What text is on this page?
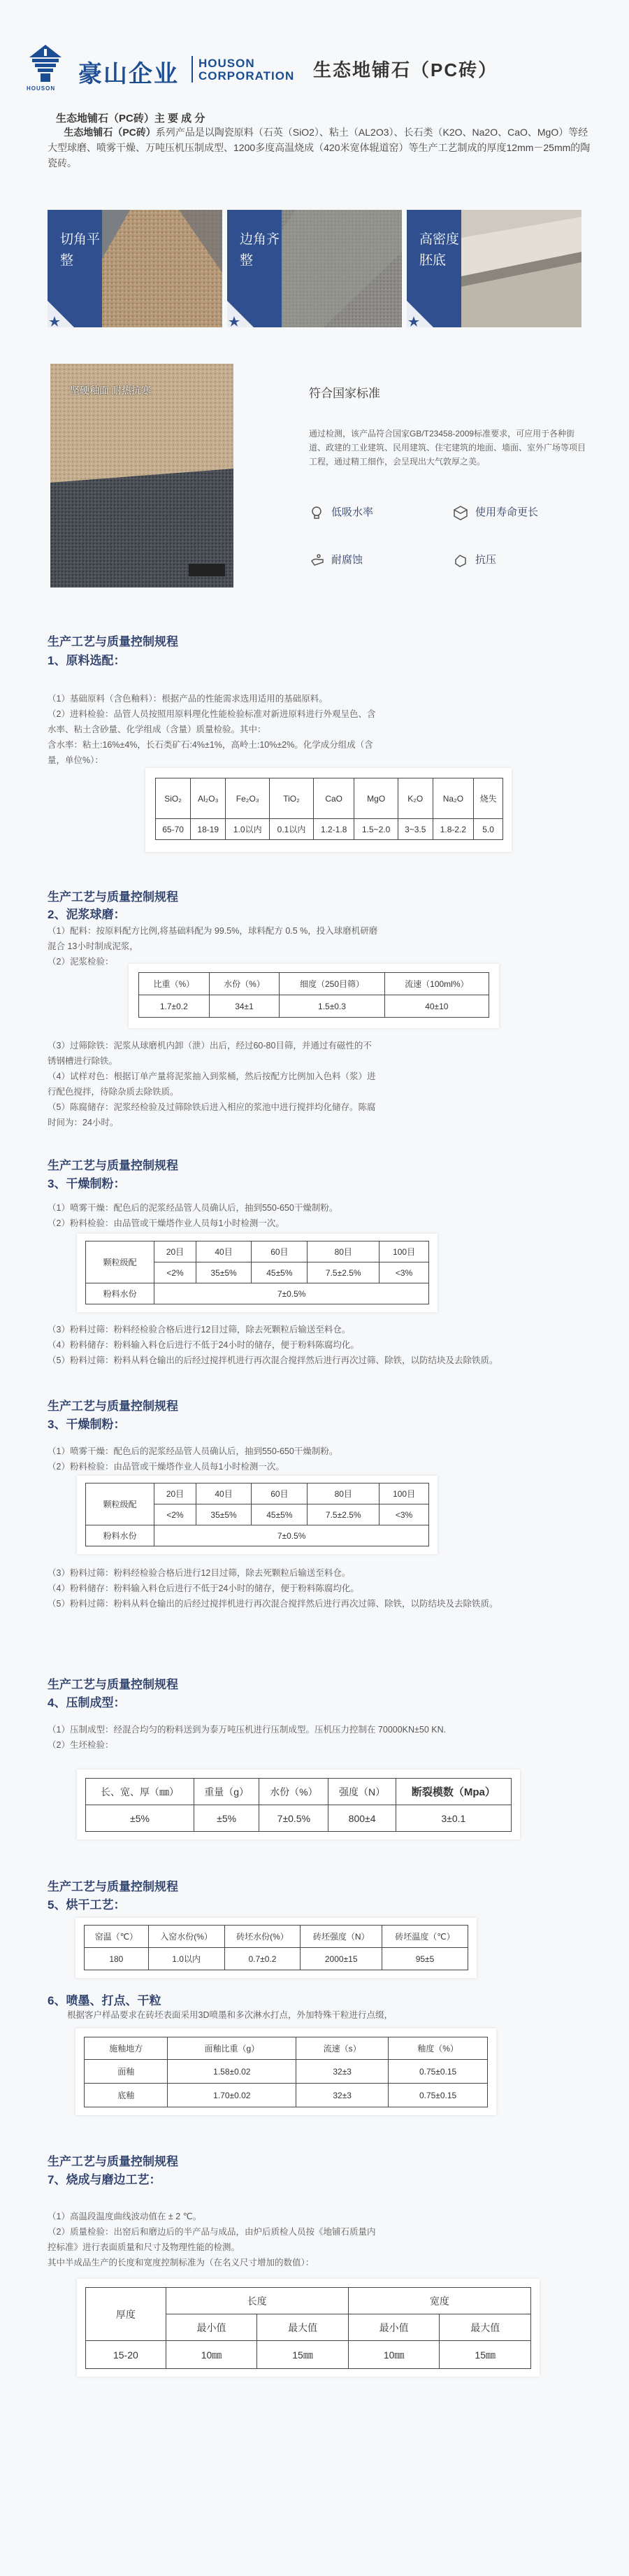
HOUSON
豪山企业 HOUSON
CORPORATION 生态地铺石（PC砖）
生态地铺石（PC砖）主 要 成 分
生态地铺石（PC砖）系列产品是以陶瓷原料（石英（SiO2）、粘土（AL2O3）、长石类（K2O、Na2O、CaO、MgO）等经大型球磨、喷雾干燥、万吨压机压制成型、1200多度高温烧成（420米宽体辊道窑）等生产工艺制成的厚度12mm－25mm的陶瓷砖。
切角平整
边角齐整
高密度胚底
坚硬釉面 耐热抗寒	符合国家标准
通过检测，该产品符合国家GB/T23458-2009标准要求，可应用于各种街道、政建的工业建筑、民用建筑、住宅建筑的地面、墙面、室外广场等项目工程，通过精工细作，会呈现出大气敦厚之美。
低吸水率	使用寿命更长
耐腐蚀	抗压
生产工艺与质量控制规程
1、原料选配：

（1）基础原料（含色釉料）：根据产品的性能需求选用适用的基础原料。

（2）进料检验：品管人员按照用原料理化性能检验标准对新进原料进行外观呈色、含

水率、粘土含砂量、化学组成（含量）质量检验。其中：

含水率：粘土:16%±4%，长石类矿石:4%±1%，高岭土:10%±2%。化学成分组成（含

量，单位%）：

SiO₂	Al₂O₃	Fe₂O₃	TiO₂	CaO	MgO	K₂O	Na₂O	烧失
65-70	18-19	1.0以内	0.1以内	1.2-1.8	1.5~2.0	3~3.5	1.8-2.2	5.0
生产工艺与质量控制规程
2、泥浆球磨：

（1）配料：按原料配方比例,将基础料配为 99.5%，球料配方 0.5 %，投入球磨机研磨

混合 13小时制成泥浆，

（2）泥浆检验：

比重（%）	水份（%）	细度（250目筛）	流速（100ml%）
1.7±0.2	34±1	1.5±0.3	40±10

（3）过筛除铁：泥浆从球磨机内卸（泄）出后，经过60-80目筛，并通过有磁性的不

锈钢槽进行除铁。

（4）试样对色：根据订单产量将泥浆抽入到浆桶，然后按配方比例加入色料（浆）进

行配色搅拌，待除杂质去除铁质。

（5）陈腐储存：泥浆经检验及过筛除铁后进入相应的浆池中进行搅拌均化储存。陈腐

时间为：24小时。

生产工艺与质量控制规程
3、干燥制粉：

（1）喷雾干燥：配色后的泥浆经品管人员确认后，抽到550-650干燥制粉。

（2）粉料检验：由品管或干燥塔作业人员每1小时检测一次。

颗粒级配	20目	40目	60目	80目	100目
	<2%	35±5%	45±5%	7.5±2.5%	<3%
粉料水份	7±0.5%				

（3）粉料过筛：粉料经检验合格后进行12目过筛，除去死颗粒后输送至料仓。

（4）粉料储存：粉料输入料仓后进行不低于24小时的储存，便于粉料陈腐均化。

（5）粉料过筛：粉料从料仓输出的后经过搅拌机进行再次混合搅拌然后进行再次过筛、除铁，以防结块及去除铁质。

生产工艺与质量控制规程
3、干燥制粉：

（1）喷雾干燥：配色后的泥浆经品管人员确认后，抽到550-650干燥制粉。

（2）粉料检验：由品管或干燥塔作业人员每1小时检测一次。

颗粒级配	20目	40目	60目	80目	100目
	<2%	35±5%	45±5%	7.5±2.5%	<3%
粉料水份	7±0.5%				

（3）粉料过筛：粉料经检验合格后进行12目过筛，除去死颗粒后输送至料仓。

（4）粉料储存：粉料输入料仓后进行不低于24小时的储存，便于粉料陈腐均化。

（5）粉料过筛：粉料从料仓输出的后经过搅拌机进行再次混合搅拌然后进行再次过筛、除铁，以防结块及去除铁质。

生产工艺与质量控制规程
4、压制成型：

（1）压制成型：经混合均匀的粉料送到为泰万吨压机进行压制成型。压机压力控制在 70000KN±50 KN.

（2）生坯检验：

长、宽、厚（㎜）	重量（g）	水份（%）	强度（N）	断裂模数（Mpa）
±5%	±5%	7±0.5%	800±4	3±0.1
生产工艺与质量控制规程
5、烘干工艺：
窑温（℃）	入窑水份(%）	砖坯水份(%）	砖坯强度（N）	砖坯温度（℃）
180	1.0以内	0.7±0.2	2000±15	95±5
6、喷墨、打点、干粒
根据客户样品要求在砖坯表面采用3D喷墨和多次淋水打点，外加特殊干粒进行点缀，
施釉地方	面釉比重（g）	流速（s）	釉度（%）
面釉	1.58±0.02	32±3	0.75±0.15
底釉	1.70±0.02	32±3	0.75±0.15
生产工艺与质量控制规程
7、烧成与磨边工艺：

（1）高温段温度曲线波动值在 ± 2 ℃。

（2）质量检验：出窑后和磨边后的半产品与成品，由炉后质检人员按《地铺石质量内

控标准》进行表面质量和尺寸及物理性能的检测。

其中半成品生产的长度和宽度控制标准为（在名义尺寸增加的数值）：

厚度	长度		宽度	
	最小值	最大值	最小值	最大值
15-20	10㎜	15㎜	10㎜	15㎜
